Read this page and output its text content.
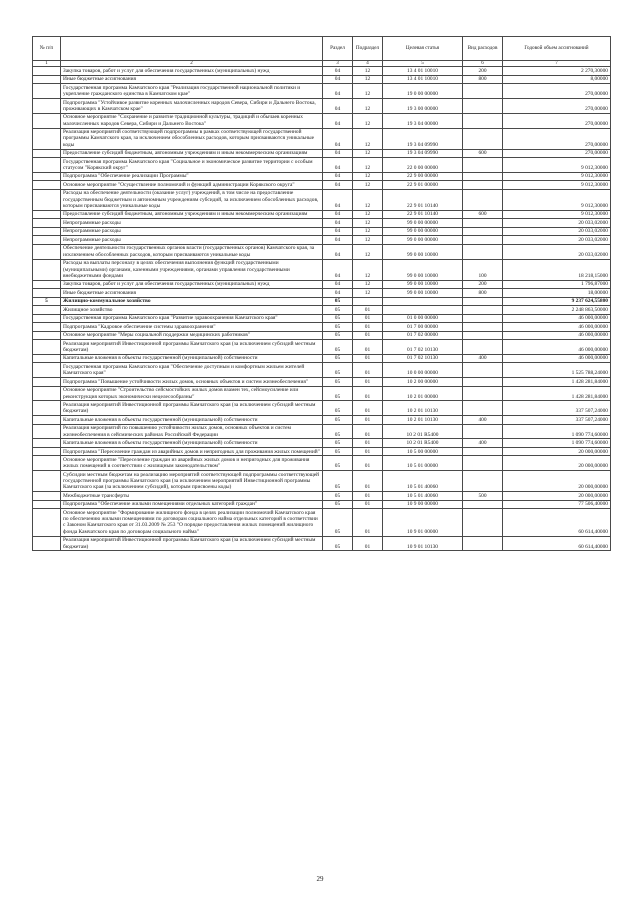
№ п/п		Раздел	Подраздел	Целевая статья	Вид расходов	Годовой объем ассигнований
1	2	3	4	5	6	7
	Закупка товаров, работ и услуг для обеспечения государственных (муниципальных) нужд	04	12	13 4 01 10010	200	2 270,30000
	Иные бюджетные ассигнования	04	12	13 4 01 10010	800	8,00000
	Государственная программа Камчатского края "Реализация государственной национальной политики и укрепление гражданского единства в Камчатском крае"	04	12	19 0 00 00000		270,00000
	Подпрограмма "Устойчивое развитие коренных малочисленных народов Севера, Сибири и Дальнего Востока, проживающих в Камчатском крае"	04	12	19 3 00 00000		270,00000
	Основное мероприятие "Сохранение и развитие традиционной культуры, традиций и обычаев коренных малочисленных народов Севера, Сибири и Дальнего Востока"	04	12	19 3 04 00000		270,00000
	Реализация мероприятий соответствующей подпрограммы в рамках соответствующей государственной программы Камчатского края, за исключением обособленных расходов, которым присваиваются уникальные коды	04	12	19 3 04 09990		270,00000
	Предоставление субсидий бюджетным, автономным учреждениям и иным некоммерческим организациям	04	12	19 3 04 09990	600	270,00000
	Государственная программа Камчатского края "Социальное и экономическое развитие территории с особым статусом "Корякский округ"	04	12	22 0 00 00000		9 012,30000
	Подпрограмма "Обеспечение реализации Программы"	04	12	22 9 00 00000		9 012,30000
	Основное мероприятие "Осуществление полномочий и функций администрации Корякского округа"	04	12	22 9 01 00000		9 012,30000
	Расходы на обеспечение деятельности (оказание услуг) учреждений, в том числе на предоставление государственным бюджетным и автономным учреждениям субсидий, за исключением обособленных расходов, которым присваиваются уникальные коды	04	12	22 9 01 10140		9 012,30000
	Предоставление субсидий бюджетным, автономным учреждениям и иным некоммерческим организациям	04	12	22 9 01 10140	600	9 012,30000
	Непрограммные расходы	04	12	99 0 00 00000		20 033,02000
	Непрограммные расходы	04	12	99 0 00 00000		20 033,02000
	Непрограммные расходы	04	12	99 0 00 00000		20 033,02000
	Обеспечение деятельности государственных органов власти (государственных органов) Камчатского края, за исключением обособленных расходов, которым присваиваются уникальные коды	04	12	99 0 00 10000		20 033,02000
	Расходы на выплаты персоналу в целях обеспечения выполнения функций государственными (муниципальными) органами, казенными учреждениями, органами управления государственными внебюджетными фондами	04	12	99 0 00 10000	100	18 218,15000
	Закупка товаров, работ и услуг для обеспечения государственных (муниципальных) нужд	04	12	99 0 00 10000	200	1 796,87000
	Иные бюджетные ассигнования	04	12	99 0 00 10000	800	18,00000
5	Жилищно-коммунальное хозяйство	05				9 237 624,55800
	Жилищное хозяйство	05	01			2 248 863,50000
	Государственная программа Камчатского края "Развитие здравоохранения Камчатского края"	05	01	01 0 00 00000		46 000,00000
	Подпрограмма "Кадровое обеспечение системы здравоохранения"	05	01	01 7 00 00000		46 000,00000
	Основное мероприятие "Меры социальной поддержки медицинских работников"	05	01	01 7 02 00000		46 000,00000
	Реализация мероприятий Инвестиционной программы Камчатского края (за исключением субсидий местным бюджетам)	05	01	01 7 02 10130		46 000,00000
	Капитальные вложения в объекты государственной (муниципальной) собственности	05	01	01 7 02 10130	400	46 000,00000
	Государственная программа Камчатского края "Обеспечение доступным и комфортным жильем жителей Камчатского края"	05	01	10 0 00 00000		1 525 788,24000
	Подпрограмма "Повышение устойчивости жилых домов, основных объектов и систем жизнеобеспечения"	05	01	10 2 00 00000		1 428 281,84000
	Основное мероприятие "Строительство сейсмостойких жилых домов взамен тех, сейсмоусиление или реконструкция которых экономически нецелесообразны"	05	01	10 2 01 00000		1 428 281,84000
	Реализация мероприятий Инвестиционной программы Камчатского края (за исключением субсидий местным бюджетам)	05	01	10 2 01 10130		337 507,24000
	Капитальные вложения в объекты государственной (муниципальной) собственности	05	01	10 2 01 10130	400	337 507,24000
	Реализация мероприятий по повышению устойчивости жилых домов, основных объектов и систем жизнеобеспечения в сейсмических районах Российской Федерации	05	01	10 2 01 R5400		1 090 774,60000
	Капитальные вложения в объекты государственной (муниципальной) собственности	05	01	10 2 01 R5400	400	1 090 774,60000
	Подпрограмма "Переселение граждан из аварийных домов и непригодных для проживания жилых помещений"	05	01	10 5 00 00000		20 000,00000
	Основное мероприятие "Переселение граждан из аварийных жилых домов и непригодных для проживания жилых помещений в соответствии с жилищным законодательством"	05	01	10 5 01 00000		20 000,00000
	Субсидии местным бюджетам на реализацию мероприятий соответствующей подпрограммы соответствующей государственной программы Камчатского края (за исключением мероприятий Инвестиционной программы Камчатского края (за исключением субсидий), которым присвоены коды)	05	01	10 5 01 40060		20 000,00000
	Межбюджетные трансферты	05	01	10 5 01 40060	500	20 000,00000
	Подпрограмма "Обеспечение жилыми помещениями отдельных категорий граждан"	05	01	10 9 00 00000		77 506,40000
	Основное мероприятие "Формирование жилищного фонда в целях реализации полномочий Камчатского края по обеспечению жилыми помещениями по договорам социального найма отдельных категорий в соответствии с Законом Камчатского края от 31.03.2009 № 253 "О порядке предоставления жилых помещений жилищного фонда Камчатского края по договорам социального найма"	05	01	10 9 01 00000		60 614,40000
	Реализация мероприятий Инвестиционной программы Камчатского края (за исключением субсидий местным бюджетам)	05	01	10 9 01 10130		60 614,40000
29
